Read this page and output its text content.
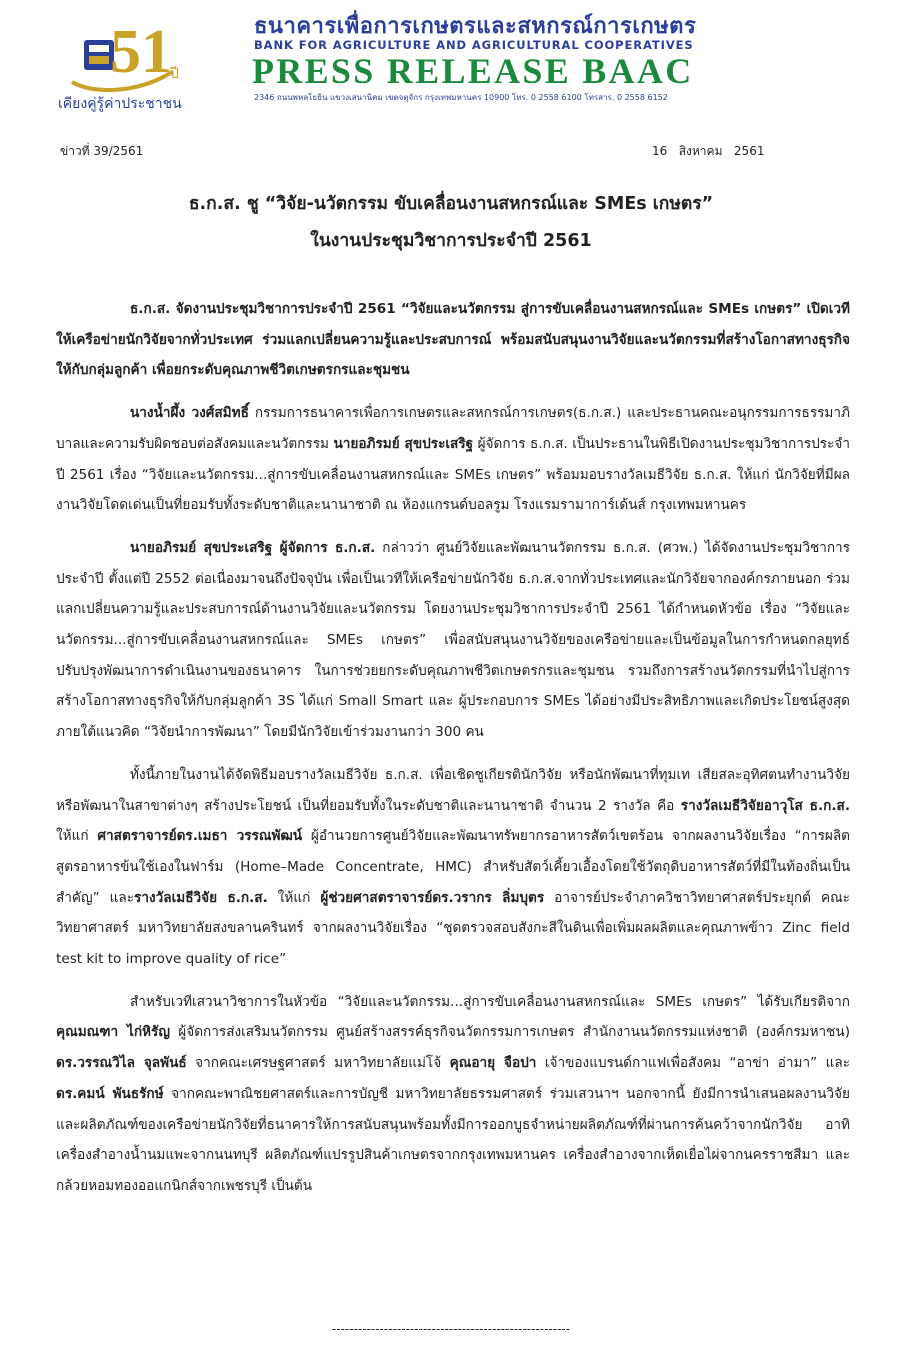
51
ปี
เคียงคู่รู้ค่าประชาชน
ธนาคารเพื่อการเกษตรและสหกรณ์การเกษตร
BANK FOR AGRICULTURE AND AGRICULTURAL COOPERATIVES
PRESS RELEASE BAAC
2346 ถนนพหลโยธิน แขวงเสนานิคม เขตจตุจักร กรุงเทพมหานคร 10900 โทร. 0 2558 6100 โทรสาร. 0 2558 6152
ข่าวที่ 39/2561	16   สิงหาคม   2561
ธ.ก.ส. ชู “วิจัย-นวัตกรรม ขับเคลื่อนงานสหกรณ์และ SMEs เกษตร”
ในงานประชุมวิชาการประจำปี 2561

ธ.ก.ส. จัดงานประชุมวิชาการประจำปี 2561 “วิจัยและนวัตกรรม สู่การขับเคลื่อนงานสหกรณ์และ SMEs เกษตร” เปิดเวทีให้เครือข่ายนักวิจัยจากทั่วประเทศ ร่วมแลกเปลี่ยนความรู้และประสบการณ์ พร้อมสนับสนุนงานวิจัยและนวัตกรรมที่สร้างโอกาสทางธุรกิจให้กับกลุ่มลูกค้า เพื่อยกระดับคุณภาพชีวิตเกษตรกรและชุมชน

นางน้ำผึ้ง วงศ์สมิทธิ์ กรรมการธนาคารเพื่อการเกษตรและสหกรณ์การเกษตร(ธ.ก.ส.) และประธานคณะอนุกรรมการธรรมาภิบาลและความรับผิดชอบต่อสังคมและนวัตกรรม นายอภิรมย์ สุขประเสริฐ ผู้จัดการ ธ.ก.ส. เป็นประธานในพิธีเปิดงานประชุมวิชาการประจำปี 2561 เรื่อง “วิจัยและนวัตกรรม...สู่การขับเคลื่อนงานสหกรณ์และ SMEs เกษตร” พร้อมมอบรางวัลเมธีวิจัย ธ.ก.ส. ให้แก่ นักวิจัยที่มีผลงานวิจัยโดดเด่นเป็นที่ยอมรับทั้งระดับชาติและนานาชาติ ณ ห้องแกรนด์บอลรูม โรงแรมรามาการ์เด้นส์ กรุงเทพมหานคร

นายอภิรมย์ สุขประเสริฐ ผู้จัดการ ธ.ก.ส. กล่าวว่า ศูนย์วิจัยและพัฒนานวัตกรรม ธ.ก.ส. (ศวพ.) ได้จัดงานประชุมวิชาการประจำปี ตั้งแต่ปี 2552 ต่อเนื่องมาจนถึงปัจจุบัน เพื่อเป็นเวทีให้เครือข่ายนักวิจัย ธ.ก.ส.จากทั่วประเทศและนักวิจัยจากองค์กรภายนอก ร่วมแลกเปลี่ยนความรู้และประสบการณ์ด้านงานวิจัยและนวัตกรรม โดยงานประชุมวิชาการประจำปี 2561 ได้กำหนดหัวข้อ เรื่อง “วิจัยและนวัตกรรม...สู่การขับเคลื่อนงานสหกรณ์และ SMEs เกษตร” เพื่อสนับสนุนงานวิจัยของเครือข่ายและเป็นข้อมูลในการกำหนดกลยุทธ์ ปรับปรุงพัฒนาการดำเนินงานของธนาคาร ในการช่วยยกระดับคุณภาพชีวิตเกษตรกรและชุมชน รวมถึงการสร้างนวัตกรรมที่นำไปสู่การสร้างโอกาสทางธุรกิจให้กับกลุ่มลูกค้า 3S ได้แก่ Small Smart และ ผู้ประกอบการ SMEs ได้อย่างมีประสิทธิภาพและเกิดประโยชน์สูงสุด ภายใต้แนวคิด “วิจัยนำการพัฒนา” โดยมีนักวิจัยเข้าร่วมงานกว่า 300 คน

ทั้งนี้ภายในงานได้จัดพิธีมอบรางวัลเมธีวิจัย ธ.ก.ส. เพื่อเชิดชูเกียรตินักวิจัย หรือนักพัฒนาที่ทุมเท เสียสละอุทิศตนทำงานวิจัยหรือพัฒนาในสาขาต่างๆ สร้างประโยชน์ เป็นที่ยอมรับทั้งในระดับชาติและนานาชาติ จำนวน 2 รางวัล คือ รางวัลเมธีวิจัยอาวุโส ธ.ก.ส. ให้แก่ ศาสตราจารย์ดร.เมธา วรรณพัฒน์ ผู้อำนวยการศูนย์วิจัยและพัฒนาทรัพยากรอาหารสัตว์เขตร้อน จากผลงานวิจัยเรื่อง “การผลิตสูตรอาหารข้นใช้เองในฟาร์ม (Home–Made Concentrate, HMC) สำหรับสัตว์เคี้ยวเอื้องโดยใช้วัตถุดิบอาหารสัตว์ที่มีในท้องถิ่นเป็นสำคัญ” และรางวัลเมธีวิจัย ธ.ก.ส. ให้แก่ ผู้ช่วยศาสตราจารย์ดร.วรากร ลิ่มบุตร อาจารย์ประจำภาควิชาวิทยาศาสตร์ประยุกต์ คณะวิทยาศาสตร์ มหาวิทยาลัยสงขลานครินทร์ จากผลงานวิจัยเรื่อง “ชุดตรวจสอบสังกะสีในดินเพื่อเพิ่มผลผลิตและคุณภาพข้าว Zinc field test kit to improve quality of rice”

สำหรับเวทีเสวนาวิชาการในหัวข้อ “วิจัยและนวัตกรรม...สู่การขับเคลื่อนงานสหกรณ์และ SMEs เกษตร” ได้รับเกียรติจาก คุณมณฑา ไก่หิรัญ ผู้จัดการส่งเสริมนวัตกรรม ศูนย์สร้างสรรค์ธุรกิจนวัตกรรมการเกษตร สำนักงานนวัตกรรมแห่งชาติ (องค์กรมหาชน) ดร.วรรณวิไล จุลพันธ์ จากคณะเศรษฐศาสตร์ มหาวิทยาลัยแม่โจ้ คุณอายุ จือปา เจ้าของแบรนด์กาแฟเพื่อสังคม “อาข่า อ่ามา” และ ดร.คมน์ พันธรักษ์ จากคณะพาณิชยศาสตร์และการบัญชี มหาวิทยาลัยธรรมศาสตร์ ร่วมเสวนาฯ นอกจากนี้ ยังมีการนำเสนอผลงานวิจัยและผลิตภัณฑ์ของเครือข่ายนักวิจัยที่ธนาคารให้การสนับสนุนพร้อมทั้งมีการออกบูธจำหน่ายผลิตภัณฑ์ที่ผ่านการค้นคว้าจากนักวิจัย อาทิ เครื่องสำอางน้ำนมแพะจากนนทบุรี ผลิตภัณฑ์แปรรูปสินค้าเกษตรจากกรุงเทพมหานคร เครื่องสำอางจากเห็ดเยื่อไผ่จากนครราชสีมา และกล้วยหอมทองออแกนิกส์จากเพชรบุรี เป็นต้น

-------------------------------------------------------
